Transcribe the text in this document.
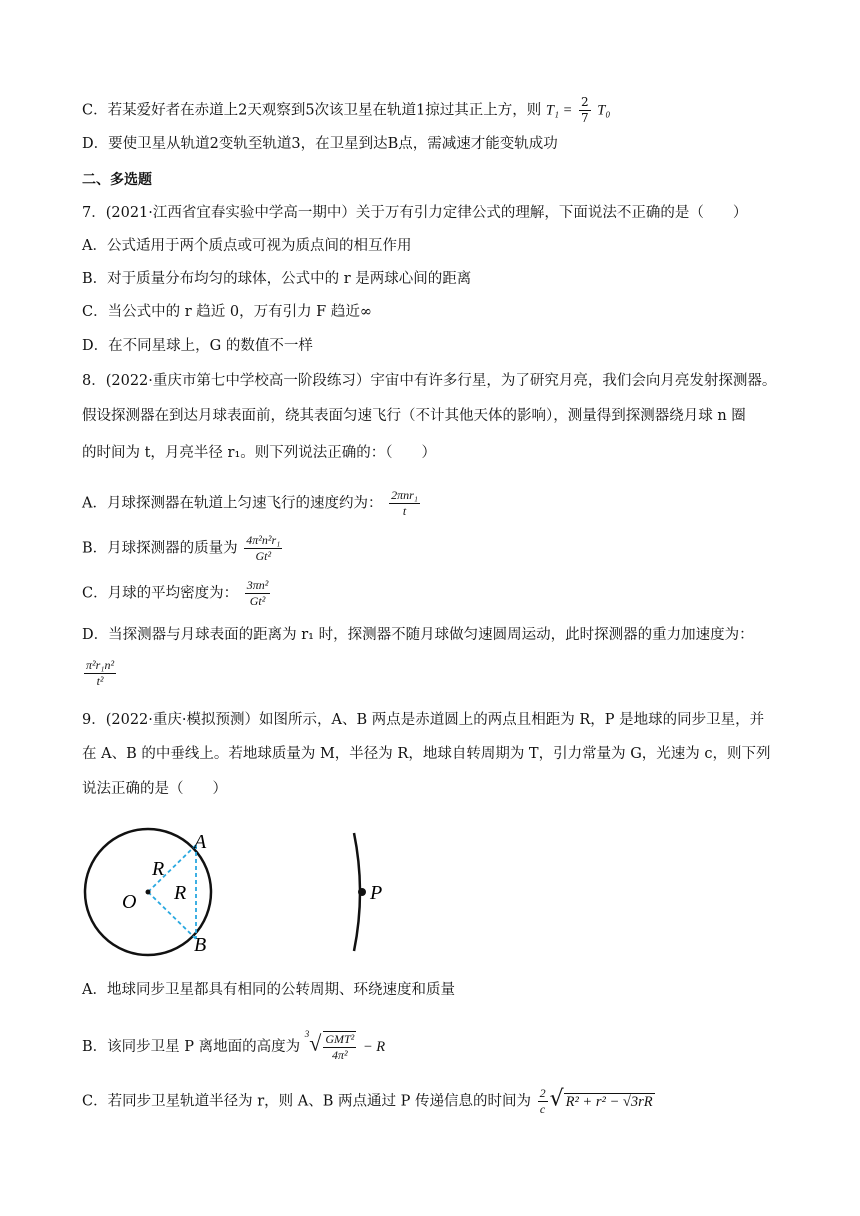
C．若某爱好者在赤道上2天观察到5次该卫星在轨道1掠过其正上方，则 $T_1 = \frac{2}{7} T_0$
D．要使卫星从轨道2变轨至轨道3，在卫星到达B点，需减速才能变轨成功
二、多选题
7．(2021·江西省宜春实验中学高一期中）关于万有引力定律公式的理解，下面说法不正确的是（　　）
A．公式适用于两个质点或可视为质点间的相互作用
B．对于质量分布均匀的球体，公式中的 r 是两球心间的距离
C．当公式中的 r 趋近 0，万有引力 F 趋近∞
D．在不同星球上，G 的数值不一样
8．(2022·重庆市第七中学校高一阶段练习）宇宙中有许多行星，为了研究月亮，我们会向月亮发射探测器。
假设探测器在到达月球表面前，绕其表面匀速飞行（不计其他天体的影响），测量得到探测器绕月球 n 圈
的时间为 t，月亮半径 r₁。则下列说法正确的：（　　）
A．月球探测器在轨道上匀速飞行的速度约为： $\frac{\text{2πnr₁}}{t}$
B．月球探测器的质量为 $\frac{\text{4π²n²r₁}}{\text{Gt²}}$
C．月球的平均密度为： $\frac{\text{3πn²}}{\text{Gt²}}$
D．当探测器与月球表面的距离为 r₁ 时，探测器不随月球做匀速圆周运动，此时探测器的重力加速度为：
$\frac{\text{π²r₁n²}}{\text{t²}}$
9．(2022·重庆·模拟预测）如图所示，A、B 两点是赤道圆上的两点且相距为 R，P 是地球的同步卫星，并
在 A、B 的中垂线上。若地球质量为 M，半径为 R，地球自转周期为 T，引力常量为 G，光速为 c，则下列
说法正确的是（　　）
A
B
O
R
R	P
A．地球同步卫星都具有相同的公转周期、环绕速度和质量
B．该同步卫星 P 离地面的高度为 $^3√ \frac{\text{GMT²}}{\text{4π²}} - R$
C．若同步卫星轨道半径为 r，则 A、B 两点通过 P 传递信息的时间为 $\frac{2}{c}$ √ R² + r² − √3rR
